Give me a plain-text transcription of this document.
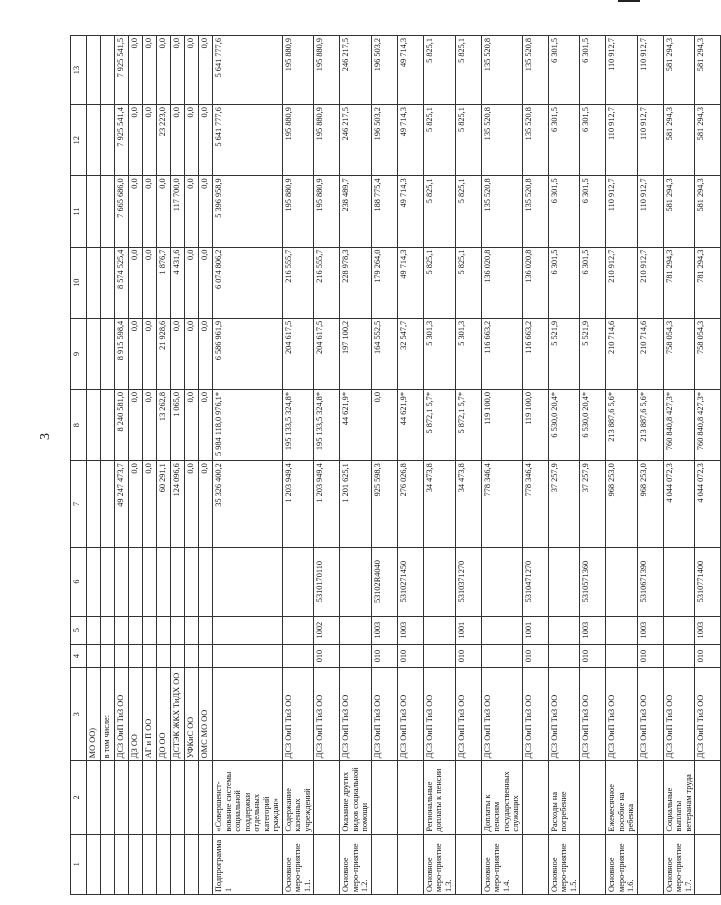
3
1	2	3	4	5	6	7	8	9	10	11	12	13
		МО ОО)										
		в том числе:										
		ДСЗ ОиП ТиЗ ОО				49 247 473,7	8 240 581,0	8 915 598,4	8 574 525,4	7 665 686,0	7 925 541,4	7 925 541,5
		ДЗ ОО				0,0	0,0	0,0	0,0	0,0	0,0	0,0
		АГ и П ОО				0,0	0,0	0,0	0,0	0,0	0,0	0,0
		ДО ОО				60 291,1	13 262,8	21 928,6	1 876,7	0,0	23 223,0	0,0
		ДСТЭК ЖКХ ТиДХ ОО				124 096,6	1 065,0	0,0	4 431,6	117 700,0	0,0	0,0
		УФКиС ОО				0,0	0,0	0,0	0,0	0,0	0,0	0,0
		ОМС МО ОО				0,0	0,0	0,0	0,0	0,0	0,0	0,0
Подпрограмма 1	«Совершенст-вование системы социальной поддержки отдельных категорий граждан»					35 326 400,2	5 984 118,0 976,1*	6 586 961,9	6 074 806,2	5 396 958,9	5 641 777,6	5 641 777,6
Основное меро-приятие 1.1.	Содержание казенных учреждений	ДСЗ ОиП ТиЗ ОО				1 203 949,4	195 133,5 324,8*	204 617,5	216 555,7	195 880,9	195 880,9	195 880,9
		ДСЗ ОиП ТиЗ ОО	010	1002	5310170110	1 203 949,4	195 133,5 324,8*	204 617,5	216 555,7	195 880,9	195 880,9	195 880,9
Основное меро-приятие 1.2.	Оказание других видов социальной помощи	ДСЗ ОиП ТиЗ ОО				1 201 625,1	44 621,9*	197 100,2	228 978,3	238 489,7	246 217,5	246 217,5
		ДСЗ ОиП ТиЗ ОО	010	1003	53102R4040	925 598,3	0,0	164 552,5	179 264,0	188 775,4	196 503,2	196 503,2
		ДСЗ ОиП ТиЗ ОО	010	1003	5310271450	276 026,8	44 621,9*	32 547,7	49 714,3	49 714,3	49 714,3	49 714,3
Основное меро-приятие 1.3.	Региональные доплаты к пенсии	ДСЗ ОиП ТиЗ ОО				34 473,8	5 872,1 5,7*	5 301,3	5 825,1	5 825,1	5 825,1	5 825,1
		ДСЗ ОиП ТиЗ ОО	010	1001	5310371270	34 473,8	5 872,1 5,7*	5 301,3	5 825,1	5 825,1	5 825,1	5 825,1
Основное меро-приятие 1.4.	Доплаты к пенсиям государственных служащих	ДСЗ ОиП ТиЗ ОО				778 346,4	119 100,0	116 663,2	136 020,8	135 520,8	135 520,8	135 520,8
		ДСЗ ОиП ТиЗ ОО	010	1001	5310471270	778 346,4	119 100,0	116 663,2	136 020,8	135 520,8	135 520,8	135 520,8
Основное меро-приятие 1.5.	Расходы на погребение	ДСЗ ОиП ТиЗ ОО				37 257,9	6 530,0 20,4*	5 521,9	6 301,5	6 301,5	6 301,5	6 301,5
		ДСЗ ОиП ТиЗ ОО	010	1003	5310571360	37 257,9	6 530,0 20,4*	5 521,9	6 301,5	6 301,5	6 301,5	6 301,5
Основное меро-приятие 1.6.	Ежемесячное пособие на ребенка	ДСЗ ОиП ТиЗ ОО				968 253,0	213 887,6 5,6*	210 714,6	210 912,7	110 912,7	110 912,7	110 912,7
		ДСЗ ОиП ТиЗ ОО	010	1003	5310671390	968 253,0	213 887,6 5,6*	210 714,6	210 912,7	110 912,7	110 912,7	110 912,7
Основное меро-приятие 1.7.	Социальные выплаты ветеранам труда	ДСЗ ОиП ТиЗ ОО				4 044 072,3	760 840,8 427,3*	758 054,3	781 294,3	581 294,3	581 294,3	581 294,3
		ДСЗ ОиП ТиЗ ОО	010	1003	5310771400	4 044 072,3	760 840,8 427,3*	758 054,3	781 294,3	581 294,3	581 294,3	581 294,3
